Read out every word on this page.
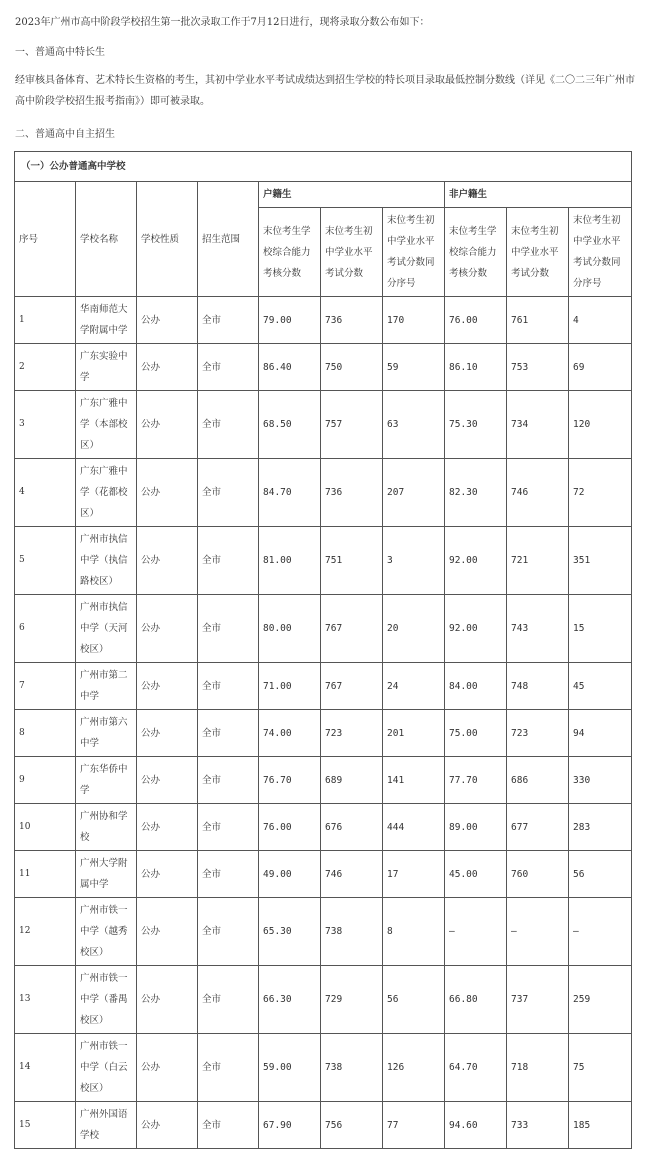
2023年广州市高中阶段学校招生第一批次录取工作于7月12日进行，现将录取分数公布如下：
一、普通高中特长生
经审核具备体育、艺术特长生资格的考生，其初中学业水平考试成绩达到招生学校的特长项目录取最低控制分数线（详见《二〇二三年广州市高中阶段学校招生报考指南》）即可被录取。
二、普通高中自主招生
（一）公办普通高中学校									
序号	学校名称	学校性质	招生范围	户籍生			非户籍生		
				末位考生学校综合能力考核分数	末位考生初中学业水平考试分数	末位考生初中学业水平考试分数同分序号	末位考生学校综合能力考核分数	末位考生初中学业水平考试分数	末位考生初中学业水平考试分数同分序号
1	华南师范大学附属中学	公办	全市	79.00	736	170	76.00	761	4
2	广东实验中学	公办	全市	86.40	750	59	86.10	753	69
3	广东广雅中学（本部校区）	公办	全市	68.50	757	63	75.30	734	120
4	广东广雅中学（花都校区）	公办	全市	84.70	736	207	82.30	746	72
5	广州市执信中学（执信路校区）	公办	全市	81.00	751	3	92.00	721	351
6	广州市执信中学（天河校区）	公办	全市	80.00	767	20	92.00	743	15
7	广州市第二中学	公办	全市	71.00	767	24	84.00	748	45
8	广州市第六中学	公办	全市	74.00	723	201	75.00	723	94
9	广东华侨中学	公办	全市	76.70	689	141	77.70	686	330
10	广州协和学校	公办	全市	76.00	676	444	89.00	677	283
11	广州大学附属中学	公办	全市	49.00	746	17	45.00	760	56
12	广州市铁一中学（越秀校区）	公办	全市	65.30	738	8	—	—	—
13	广州市铁一中学（番禺校区）	公办	全市	66.30	729	56	66.80	737	259
14	广州市铁一中学（白云校区）	公办	全市	59.00	738	126	64.70	718	75
15	广州外国语学校	公办	全市	67.90	756	77	94.60	733	185
